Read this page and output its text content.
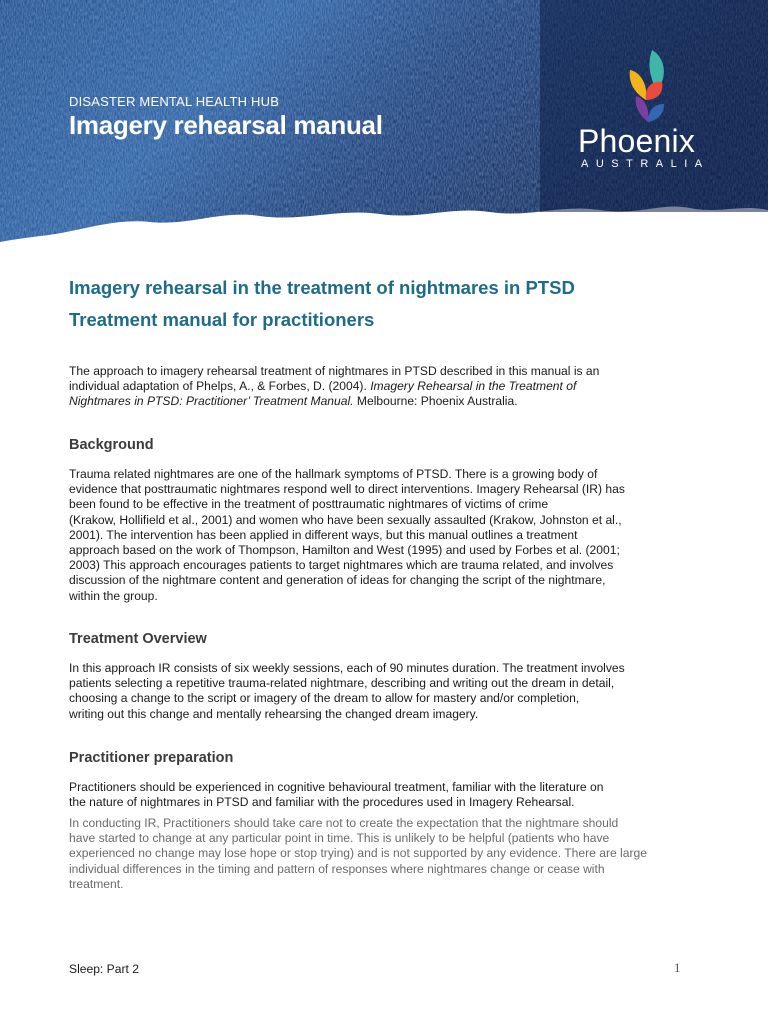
DISASTER MENTAL HEALTH HUB
Imagery rehearsal manual	Phoenix
AUSTRALIA
Imagery rehearsal in the treatment of nightmares in PTSD
Treatment manual for practitioners
The approach to imagery rehearsal treatment of nightmares in PTSD described in this manual is an
individual adaptation of Phelps, A., & Forbes, D. (2004). Imagery Rehearsal in the Treatment of
Nightmares in PTSD: Practitioner’ Treatment Manual. Melbourne: Phoenix Australia.
Background
Trauma related nightmares are one of the hallmark symptoms of PTSD. There is a growing body of
evidence that posttraumatic nightmares respond well to direct interventions. Imagery Rehearsal (IR) has
been found to be effective in the treatment of posttraumatic nightmares of victims of crime
(Krakow, Hollifield et al., 2001) and women who have been sexually assaulted (Krakow, Johnston et al.,
2001). The intervention has been applied in different ways, but this manual outlines a treatment
approach based on the work of Thompson, Hamilton and West (1995) and used by Forbes et al. (2001;
2003) This approach encourages patients to target nightmares which are trauma related, and involves
discussion of the nightmare content and generation of ideas for changing the script of the nightmare,
within the group.
Treatment Overview
In this approach IR consists of six weekly sessions, each of 90 minutes duration. The treatment involves
patients selecting a repetitive trauma-related nightmare, describing and writing out the dream in detail,
choosing a change to the script or imagery of the dream to allow for mastery and/or completion,
writing out this change and mentally rehearsing the changed dream imagery.
Practitioner preparation
Practitioners should be experienced in cognitive behavioural treatment, familiar with the literature on
the nature of nightmares in PTSD and familiar with the procedures used in Imagery Rehearsal.
In conducting IR, Practitioners should take care not to create the expectation that the nightmare should
have started to change at any particular point in time. This is unlikely to be helpful (patients who have
experienced no change may lose hope or stop trying) and is not supported by any evidence. There are large
individual differences in the timing and pattern of responses where nightmares change or cease with
treatment.
Sleep: Part 2	1
